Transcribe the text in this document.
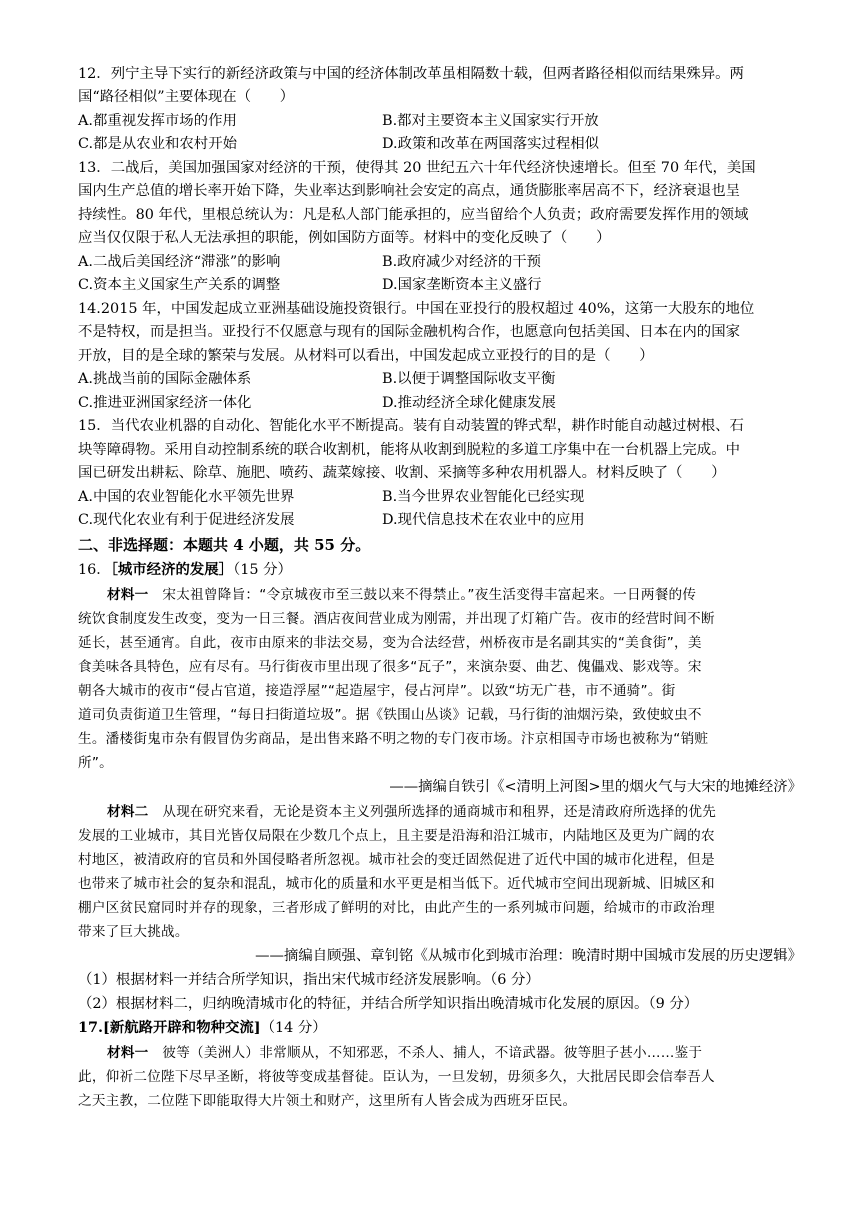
12．列宁主导下实行的新经济政策与中国的经济体制改革虽相隔数十载，但两者路径相似而结果殊异。两
国“路径相似”主要体现在（　　）
A.都重视发挥市场的作用	B.都对主要资本主义国家实行开放
C.都是从农业和农村开始	D.政策和改革在两国落实过程相似
13．二战后，美国加强国家对经济的干预，使得其 20 世纪五六十年代经济快速增长。但至 70 年代，美国
国内生产总值的增长率开始下降，失业率达到影响社会安定的高点，通货膨胀率居高不下，经济衰退也呈
持续性。80 年代，里根总统认为：凡是私人部门能承担的，应当留给个人负责；政府需要发挥作用的领域
应当仅仅限于私人无法承担的职能，例如国防方面等。材料中的变化反映了（　　）
A.二战后美国经济“滞涨”的影响	B.政府减少对经济的干预
C.资本主义国家生产关系的调整	D.国家垄断资本主义盛行
14.2015 年，中国发起成立亚洲基础设施投资银行。中国在亚投行的股权超过 40%，这第一大股东的地位
不是特权，而是担当。亚投行不仅愿意与现有的国际金融机构合作，也愿意向包括美国、日本在内的国家
开放，目的是全球的繁荣与发展。从材料可以看出，中国发起成立亚投行的目的是（　　）
A.挑战当前的国际金融体系	B.以便于调整国际收支平衡
C.推进亚洲国家经济一体化	D.推动经济全球化健康发展
15．当代农业机器的自动化、智能化水平不断提高。装有自动装置的铧式犁，耕作时能自动越过树根、石
块等障碍物。采用自动控制系统的联合收割机，能将从收割到脱粒的多道工序集中在一台机器上完成。中
国已研发出耕耘、除草、施肥、喷药、蔬菜嫁接、收割、采摘等多种农用机器人。材料反映了（　　）
A.中国的农业智能化水平领先世界	B.当今世界农业智能化已经实现
C.现代化农业有利于促进经济发展	D.现代信息技术在农业中的应用
二、非选择题：本题共 4 小题，共 55 分。
16．［城市经济的发展］（15 分）
材料一　宋太祖曾降旨：“令京城夜市至三鼓以来不得禁止。”夜生活变得丰富起来。一日两餐的传
统饮食制度发生改变，变为一日三餐。酒店夜间营业成为刚需，并出现了灯箱广告。夜市的经营时间不断
延长，甚至通宵。自此，夜市由原来的非法交易，变为合法经营，州桥夜市是名副其实的“美食街”，美
食美味各具特色，应有尽有。马行街夜市里出现了很多“瓦子”，来演杂耍、曲艺、傀儡戏、影戏等。宋
朝各大城市的夜市“侵占官道，接造浮屋”“起造屋宇，侵占河岸”。以致“坊无广巷，市不通骑”。街
道司负责街道卫生管理，“每日扫街道垃圾”。据《铁围山丛谈》记载，马行街的油烟污染，致使蚊虫不
生。潘楼街鬼市杂有假冒伪劣商品，是出售来路不明之物的专门夜市场。汴京相国寺市场也被称为“销赃
所”。
——摘编自铁引《<清明上河图>里的烟火气与大宋的地摊经济》
材料二　从现在研究来看，无论是资本主义列强所选择的通商城市和租界，还是清政府所选择的优先
发展的工业城市，其目光皆仅局限在少数几个点上，且主要是沿海和沿江城市，内陆地区及更为广阔的农
村地区，被清政府的官员和外国侵略者所忽视。城市社会的变迁固然促进了近代中国的城市化进程，但是
也带来了城市社会的复杂和混乱，城市化的质量和水平更是相当低下。近代城市空间出现新城、旧城区和
棚户区贫民窟同时并存的现象，三者形成了鲜明的对比，由此产生的一系列城市问题，给城市的市政治理
带来了巨大挑战。
——摘编自顾强、章钊铭《从城市化到城市治理：晚清时期中国城市发展的历史逻辑》
（1）根据材料一并结合所学知识，指出宋代城市经济发展影响。（6 分）
（2）根据材料二，归纳晚清城市化的特征，并结合所学知识指出晚清城市化发展的原因。（9 分）
17.[新航路开辟和物种交流]（14 分）
材料一　彼等（美洲人）非常顺从，不知邪恶，不杀人、捕人，不谙武器。彼等胆子甚小……鉴于
此，仰祈二位陛下尽早圣断，将彼等变成基督徒。臣认为，一旦发轫，毋须多久，大批居民即会信奉吾人
之天主教，二位陛下即能取得大片领土和财产，这里所有人皆会成为西班牙臣民。
